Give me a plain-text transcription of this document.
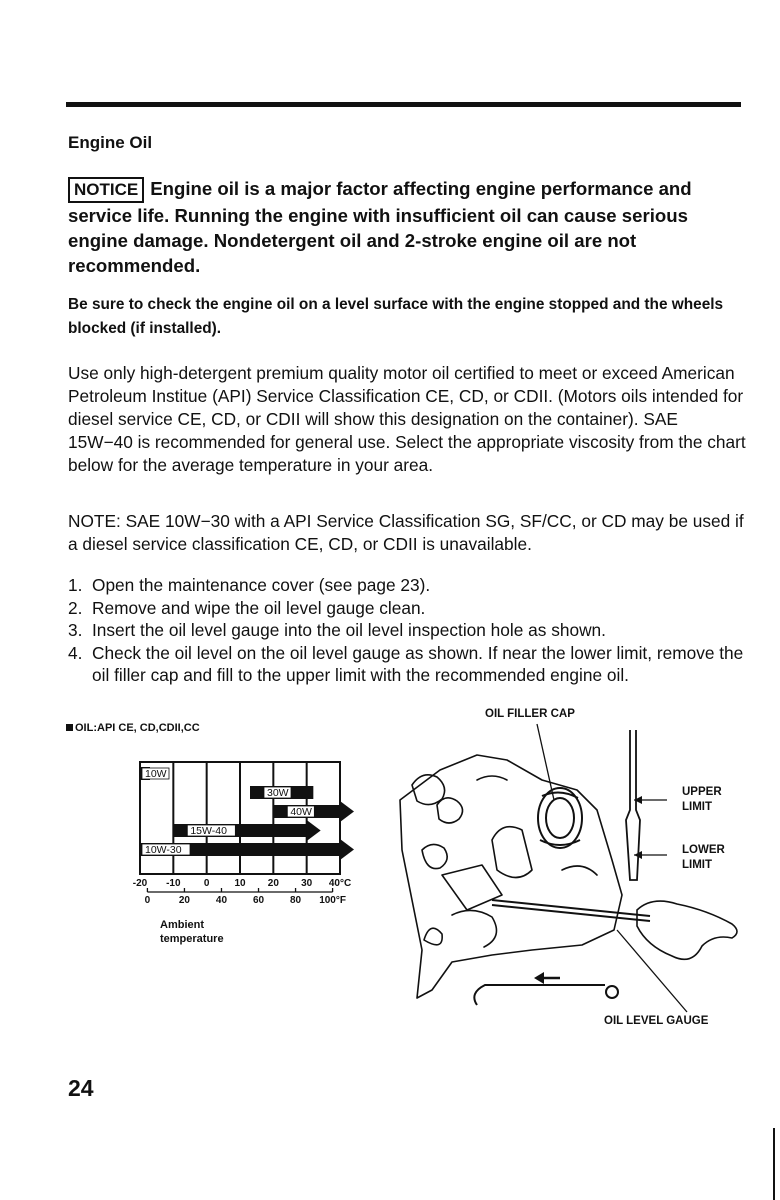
Engine Oil
NOTICE Engine oil is a major factor affecting engine performance and service life. Running the engine with insufficient oil can cause serious engine damage. Nondetergent oil and 2-stroke engine oil are not recommended.
Be sure to check the engine oil on a level surface with the engine stopped and the wheels blocked (if installed).
Use only high-detergent premium quality motor oil certified to meet or exceed American Petroleum Institue (API) Service Classification CE, CD, or CDII. (Motors oils intended for diesel service CE, CD, or CDII will show this designation on the container). SAE 15W−40 is recommended for general use. Select the appropriate viscosity from the chart below for the average temperature in your area.
NOTE: SAE 10W−30 with a API Service Classification SG, SF/CC, or CD may be used if a diesel service classification CE, CD, or CDII is unavailable.
1. Open the maintenance cover (see page 23).
2. Remove and wipe the oil level gauge clean.
3. Insert the oil level gauge into the oil level inspection hole as shown.
4. Check the oil level on the oil level gauge as shown. If near the lower limit, remove the oil filler cap and fill to the upper limit with the recommended engine oil.
OIL:API CE, CD,CDII,CC
10W
30W
40W
15W-40
10W-30
-20 -10 0 10 20 30 40°C
0	20	40	60	80 100°F
Ambient
temperature
OIL FILLER CAP
UPPER
LIMIT
LOWER
LIMIT
OIL LEVEL GAUGE
24
